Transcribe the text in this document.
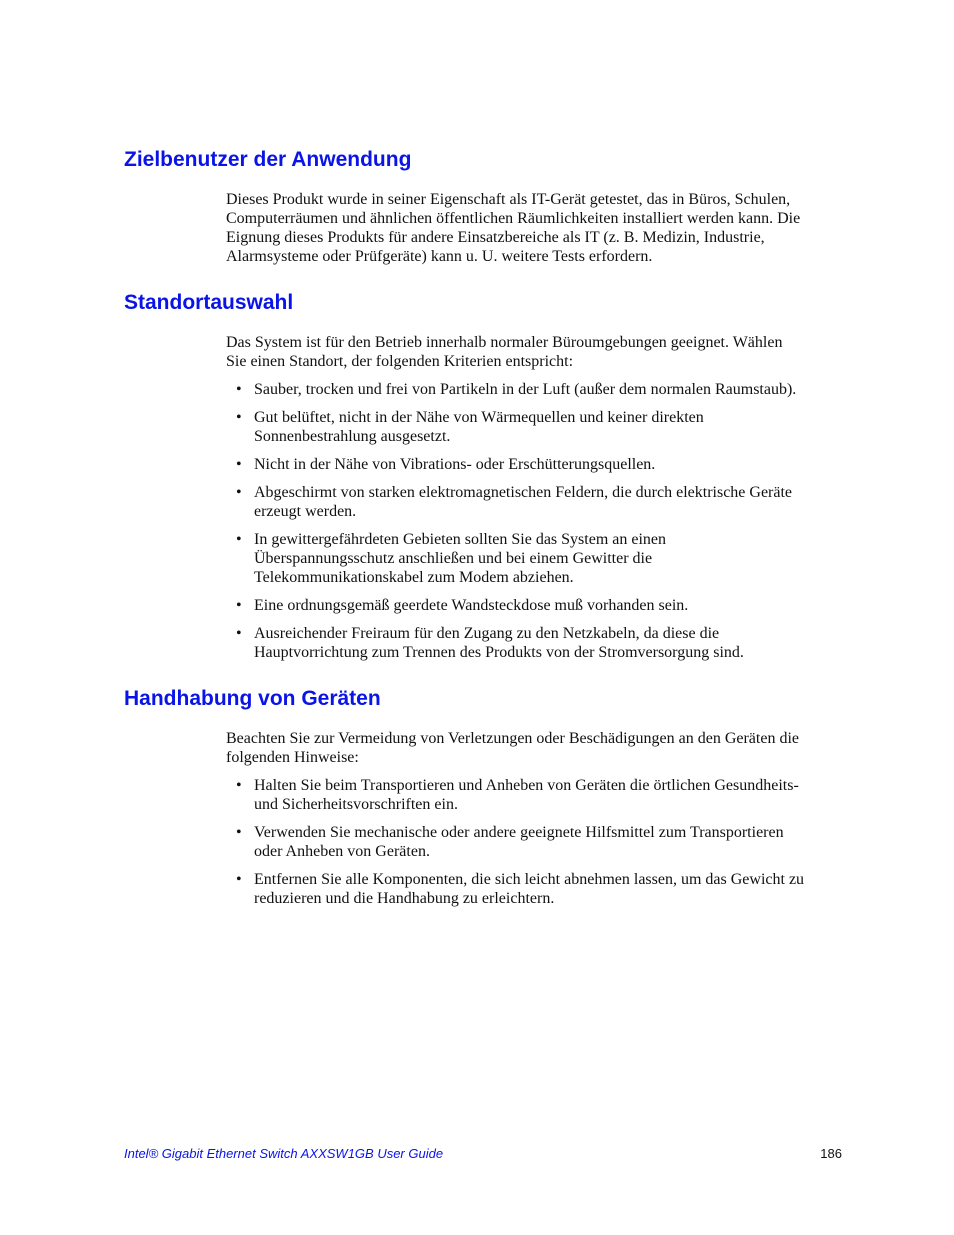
Zielbenutzer der Anwendung

Dieses Produkt wurde in seiner Eigenschaft als IT-Gerät getestet, das in Büros, Schulen,
Computerräumen und ähnlichen öffentlichen Räumlichkeiten installiert werden kann. Die
Eignung dieses Produkts für andere Einsatzbereiche als IT (z. B. Medizin, Industrie,
Alarmsysteme oder Prüfgeräte) kann u. U. weitere Tests erfordern.

Standortauswahl

Das System ist für den Betrieb innerhalb normaler Büroumgebungen geeignet. Wählen
Sie einen Standort, der folgenden Kriterien entspricht:

• Sauber, trocken und frei von Partikeln in der Luft (außer dem normalen Raumstaub).
• Gut belüftet, nicht in der Nähe von Wärmequellen und keiner direkten
Sonnenbestrahlung ausgesetzt.
• Nicht in der Nähe von Vibrations- oder Erschütterungsquellen.
• Abgeschirmt von starken elektromagnetischen Feldern, die durch elektrische Geräte
erzeugt werden.
• In gewittergefährdeten Gebieten sollten Sie das System an einen
Überspannungsschutz anschließen und bei einem Gewitter die
Telekommunikationskabel zum Modem abziehen.
• Eine ordnungsgemäß geerdete Wandsteckdose muß vorhanden sein.
• Ausreichender Freiraum für den Zugang zu den Netzkabeln, da diese die
Hauptvorrichtung zum Trennen des Produkts von der Stromversorgung sind.
Handhabung von Geräten

Beachten Sie zur Vermeidung von Verletzungen oder Beschädigungen an den Geräten die
folgenden Hinweise:

• Halten Sie beim Transportieren und Anheben von Geräten die örtlichen Gesundheits-
und Sicherheitsvorschriften ein.
• Verwenden Sie mechanische oder andere geeignete Hilfsmittel zum Transportieren
oder Anheben von Geräten.
• Entfernen Sie alle Komponenten, die sich leicht abnehmen lassen, um das Gewicht zu
reduzieren und die Handhabung zu erleichtern.
Intel® Gigabit Ethernet Switch AXXSW1GB User Guide	186
